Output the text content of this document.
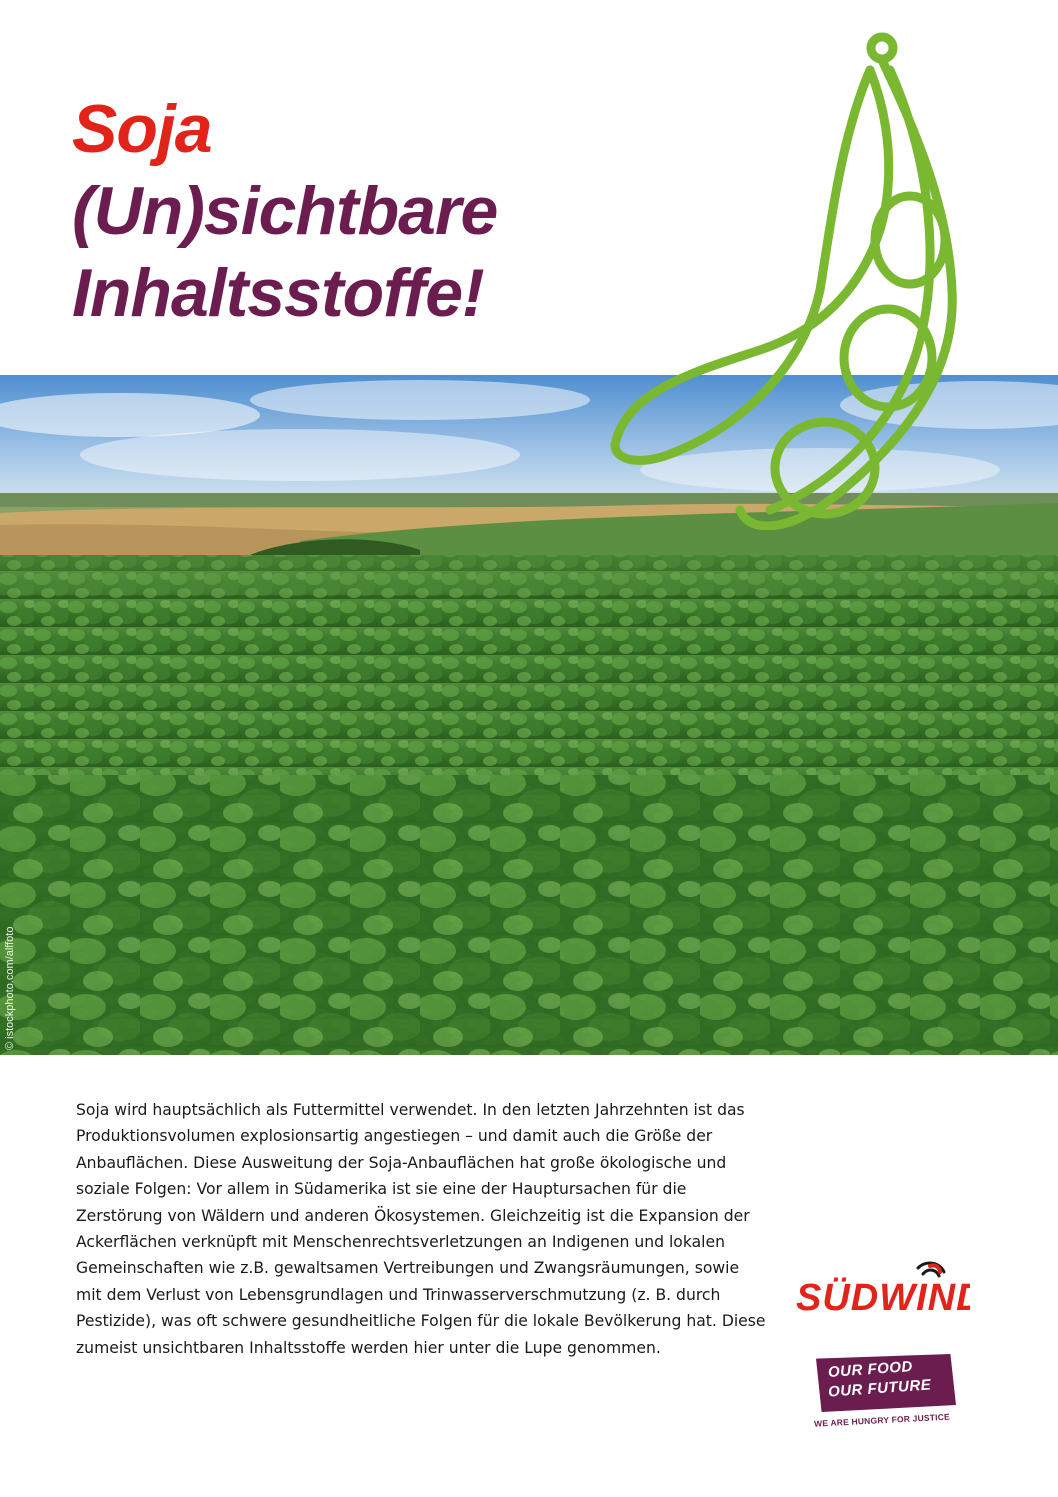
Soja
(Un)sichtbare
Inhaltsstoffe!
© istockphoto.com/alffoto

Soja wird hauptsächlich als Futtermittel verwendet. In den letzten Jahrzehnten ist das Produktionsvolumen explosionsartig angestiegen – und damit auch die Größe der Anbauflächen. Diese Ausweitung der Soja-Anbauflächen hat große ökologische und soziale Folgen: Vor allem in Südamerika ist sie eine der Hauptursachen für die Zerstörung von Wäldern und anderen Ökosystemen. Gleichzeitig ist die Expansion der Ackerflächen verknüpft mit Menschenrechtsverletzungen an Indigenen und lokalen Gemeinschaften wie z.B. gewaltsamen Vertreibungen und Zwangsräumungen, sowie mit dem Verlust von Lebensgrundlagen und Trinwasserverschmutzung (z. B. durch Pestizide), was oft schwere gesundheitliche Folgen für die lokale Bevölkerung hat. Diese zumeist unsichtbaren Inhaltsstoffe werden hier unter die Lupe genommen.

SÜDWIND
OUR FOOD
OUR FUTURE
WE ARE HUNGRY FOR JUSTICE
